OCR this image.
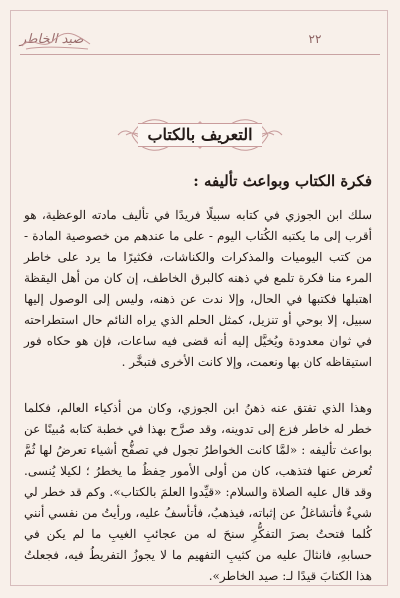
صيد الخاطر	٢٢
التعريف بالكتاب
فكرة الكتاب وبواعث تأليفه :
سلك ابن الجوزي في كتابه سبيلًا فريدًا في تأليف مادته الوعظية، هو أقرب إلى ما يكتبه الكُتاب اليوم - على ما عندهم من خصوصية المادة - من كتب اليوميات والمذكرات والكناشات، فكثيرًا ما يرد على خاطر المرء منا فكرة تلمع في ذهنه كالبرق الخاطف، إن كان من أهل اليقظة اهتبلها فكتبها في الحال، وإلا ندت عن ذهنه، وليس إلى الوصول إليها سبيل، إلا بوحي أو تنزيل، كمثل الحلم الذي يراه النائم حال استطراحته في ثوان معدودة ويُخيَّل إليه أنه قضى فيه ساعات، فإن هو حكاه فور استيقاظه كان بها ونعمت، وإلا كانت الأخرى فتبخَّر .
وهذا الذي تفتق عنه ذهنُ ابن الجوزي، وكان من أذكياء العالم، فكلما خطر له خاطر فزع إلى تدوينه، وقد صرَّح بهذا في خطبة كتابه مُبينًا عن بواعث تأليفه : «لمَّا كانت الخواطرُ تجول في تصفُّح أشياء تعرضُ لها ثُمَّ تُعرض عنها فتذهب، كان من أولى الأمور حِفظُ ما يخطرُ ؛ لكيلا يُنسى. وقد قال عليه الصلاة والسلام: «قيِّدوا العلمَ بالكتاب». وكم قد خطر لي شيءٌ فأتشاغلُ عن إثباته، فيذهبُ، فأتأسفُ عليه، ورأيتُ من نفسي أنني كُلما فتحتُ بصرَ التفكُّرِ سنحَ له من عجائبِ الغيبِ ما لم يكن في حسابهِ، فانثالَ عليه من كثيبِ التفهيم ما لا يجوزُ التفريطُ فيه، فجعلتُ هذا الكتابَ قيدًا لـ: صيد الخاطر».
